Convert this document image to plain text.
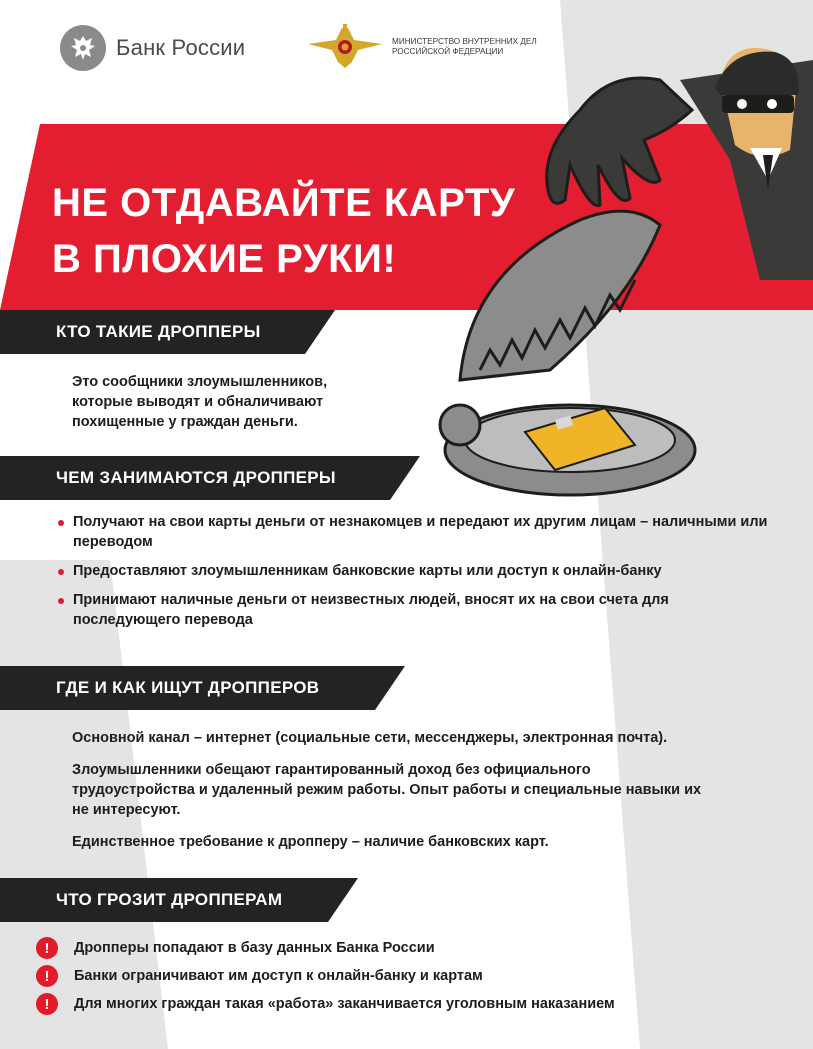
Банк России	МИНИСТЕРСТВО ВНУТРЕННИХ ДЕЛ
РОССИЙСКОЙ ФЕДЕРАЦИИ
НЕ ОТДАВАЙТЕ КАРТУ
В ПЛОХИЕ РУКИ!
КТО ТАКИЕ ДРОППЕРЫ

Это сообщники злоумышленников, которые выводят и обналичивают похищенные у граждан деньги.

ЧЕМ ЗАНИМАЮТСЯ ДРОППЕРЫ
Получают на свои карты деньги от незнакомцев и передают их другим лицам – наличными или переводом
Предоставляют злоумышленникам банковские карты или доступ к онлайн-банку
Принимают наличные деньги от неизвестных людей, вносят их на свои счета для последующего перевода
ГДЕ И КАК ИЩУТ ДРОППЕРОВ

Основной канал – интернет (социальные сети, мессенджеры, электронная почта).

Злоумышленники обещают гарантированный доход без официального трудоустройства и удаленный режим работы. Опыт работы и специальные навыки их не интересуют.

Единственное требование к дропперу – наличие банковских карт.

ЧТО ГРОЗИТ ДРОППЕРАМ
!	Дропперы попадают в базу данных Банка России
!	Банки ограничивают им доступ к онлайн-банку и картам
!	Для многих граждан такая «работа» заканчивается уголовным наказанием
